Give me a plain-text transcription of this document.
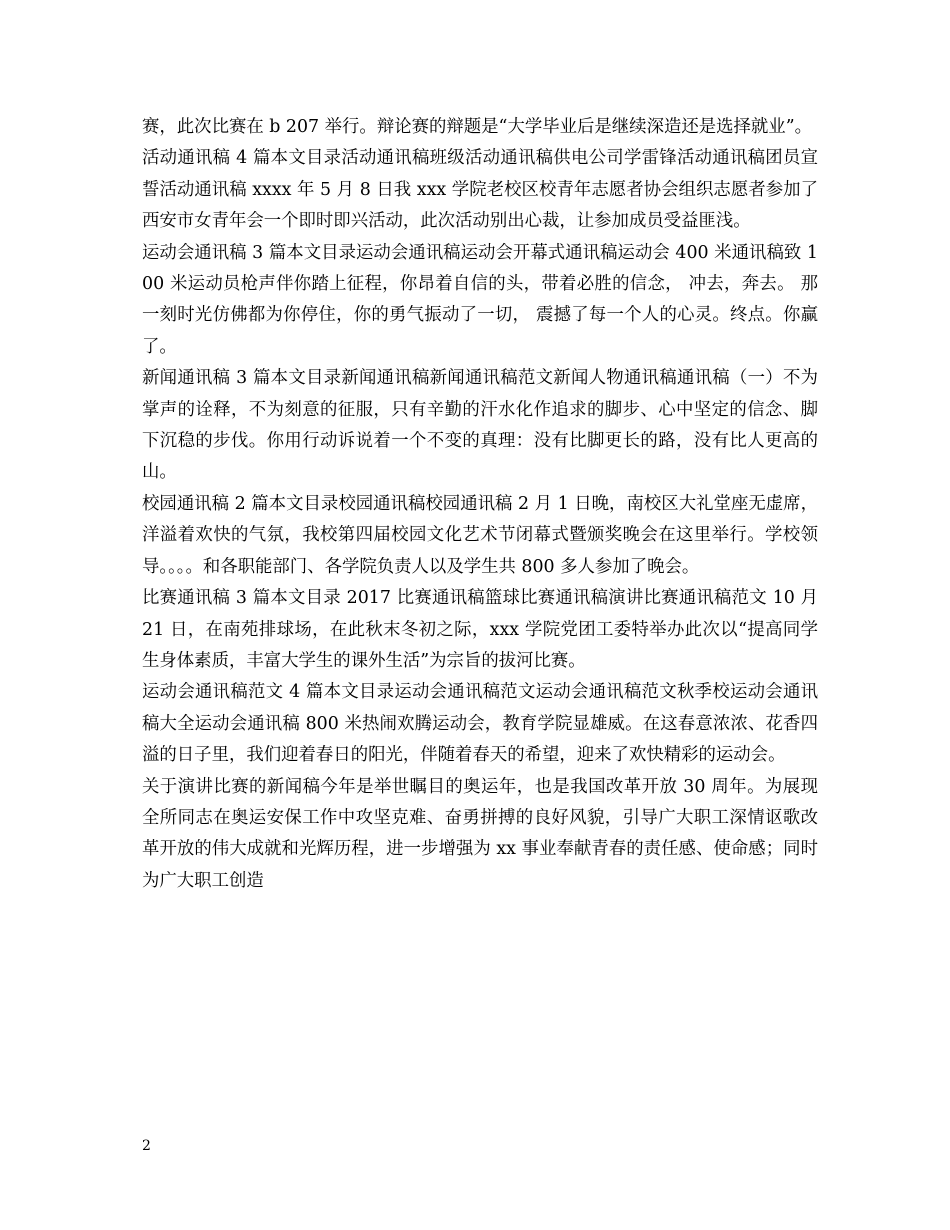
赛，此次比赛在 b 207 举行。辩论赛的辩题是“大学毕业后是继续深造还是选择就业”。

活动通讯稿 4 篇本文目录活动通讯稿班级活动通讯稿供电公司学雷锋活动通讯稿团员宣誓活动通讯稿 xxxx 年 5 月 8 日我 xxx 学院老校区校青年志愿者协会组织志愿者参加了西安市女青年会一个即时即兴活动，此次活动别出心裁，让参加成员受益匪浅。

运动会通讯稿 3 篇本文目录运动会通讯稿运动会开幕式通讯稿运动会 400 米通讯稿致 100 米运动员枪声伴你踏上征程，你昂着自信的头，带着必胜的信念， 冲去，奔去。 那一刻时光仿佛都为你停住，你的勇气振动了一切， 震撼了每一个人的心灵。终点。你赢了。

新闻通讯稿 3 篇本文目录新闻通讯稿新闻通讯稿范文新闻人物通讯稿通讯稿（一）不为掌声的诠释，不为刻意的征服，只有辛勤的汗水化作追求的脚步、心中坚定的信念、脚下沉稳的步伐。你用行动诉说着一个不变的真理：没有比脚更长的路，没有比人更高的山。

校园通讯稿 2 篇本文目录校园通讯稿校园通讯稿 2 月 1 日晚，南校区大礼堂座无虚席，洋溢着欢快的气氛，我校第四届校园文化艺术节闭幕式暨颁奖晚会在这里举行。学校领导。。。。和各职能部门、各学院负责人以及学生共 800 多人参加了晚会。

比赛通讯稿 3 篇本文目录 2017 比赛通讯稿篮球比赛通讯稿演讲比赛通讯稿范文 10 月 21 日，在南苑排球场，在此秋末冬初之际，xxx 学院党团工委特举办此次以“提高同学生身体素质，丰富大学生的课外生活”为宗旨的拔河比赛。

运动会通讯稿范文 4 篇本文目录运动会通讯稿范文运动会通讯稿范文秋季校运动会通讯稿大全运动会通讯稿 800 米热闹欢腾运动会，教育学院显雄威。在这春意浓浓、花香四溢的日子里，我们迎着春日的阳光，伴随着春天的希望，迎来了欢快精彩的运动会。

关于演讲比赛的新闻稿今年是举世瞩目的奥运年，也是我国改革开放 30 周年。为展现全所同志在奥运安保工作中攻坚克难、奋勇拼搏的良好风貌，引导广大职工深情讴歌改革开放的伟大成就和光辉历程，进一步增强为 xx 事业奉献青春的责任感、使命感；同时为广大职工创造

2
